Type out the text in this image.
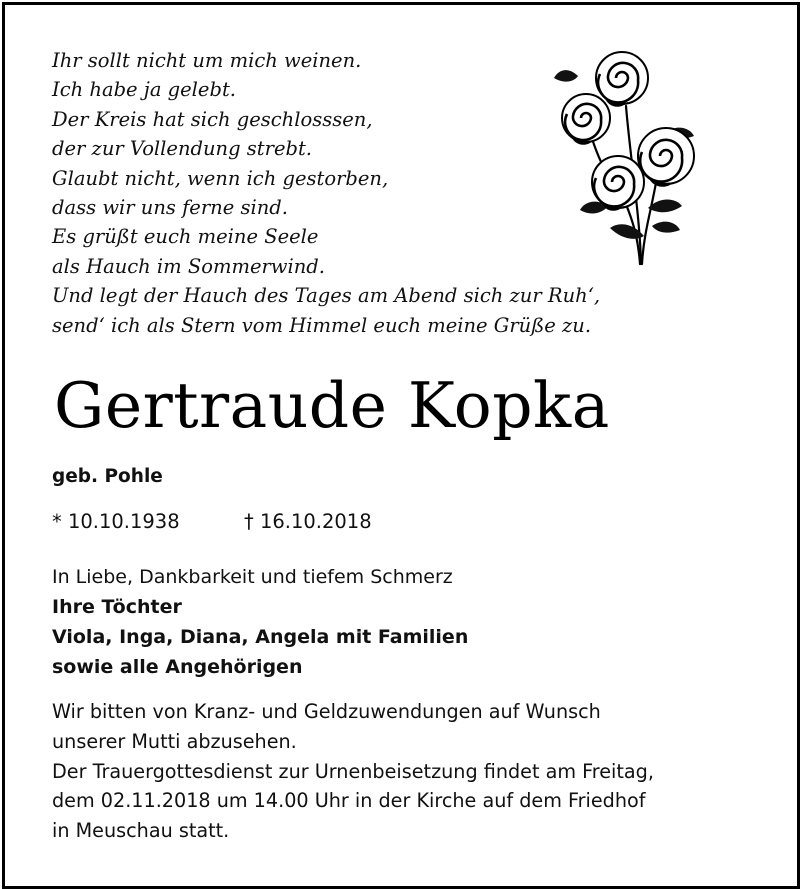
Ihr sollt nicht um mich weinen.
Ich habe ja gelebt.
Der Kreis hat sich geschlosssen,
der zur Vollendung strebt.
Glaubt nicht, wenn ich gestorben,
dass wir uns ferne sind.
Es grüßt euch meine Seele
als Hauch im Sommerwind.
Und legt der Hauch des Tages am Abend sich zur Ruh‘,
send‘ ich als Stern vom Himmel euch meine Grüße zu.
Gertraude Kopka
geb. Pohle
* 10.10.1938	† 16.10.2018
In Liebe, Dankbarkeit und tiefem Schmerz
Ihre Töchter
Viola, Inga, Diana, Angela mit Familien
sowie alle Angehörigen
Wir bitten von Kranz- und Geldzuwendungen auf Wunsch
unserer Mutti abzusehen.
Der Trauergottesdienst zur Urnenbeisetzung findet am Freitag,
dem 02.11.2018 um 14.00 Uhr in der Kirche auf dem Friedhof
in Meuschau statt.
